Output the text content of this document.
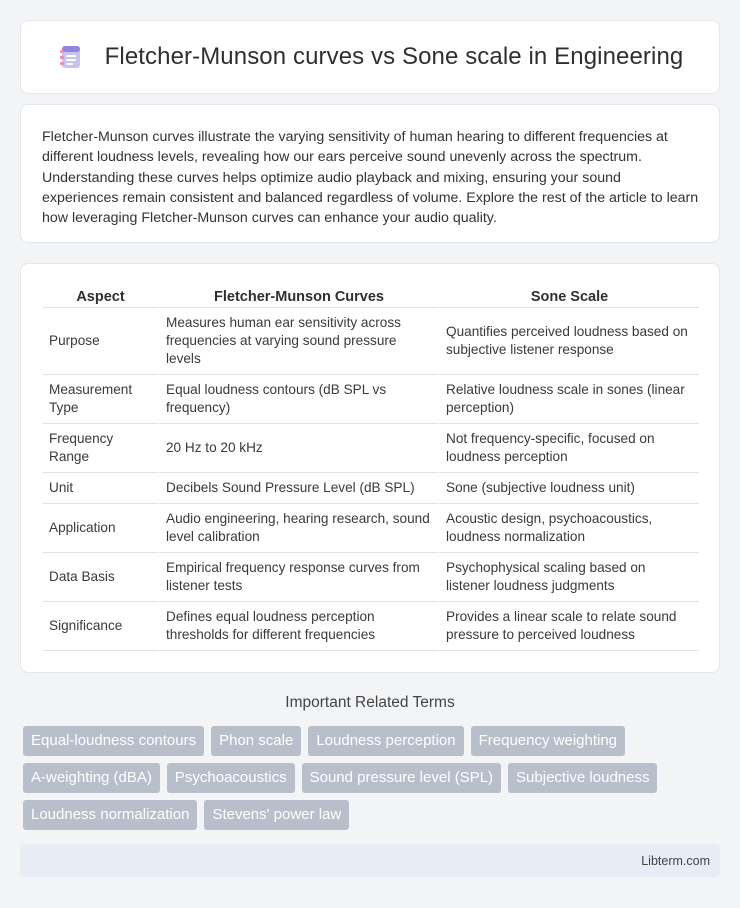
Fletcher-Munson curves vs Sone scale in Engineering

Fletcher-Munson curves illustrate the varying sensitivity of human hearing to different frequencies at different loudness levels, revealing how our ears perceive sound unevenly across the spectrum. Understanding these curves helps optimize audio playback and mixing, ensuring your sound experiences remain consistent and balanced regardless of volume. Explore the rest of the article to learn how leveraging Fletcher-Munson curves can enhance your audio quality.

Aspect	Fletcher-Munson Curves	Sone Scale
Purpose	Measures human ear sensitivity across frequencies at varying sound pressure levels	Quantifies perceived loudness based on subjective listener response
Measurement Type	Equal loudness contours (dB SPL vs frequency)	Relative loudness scale in sones (linear perception)
Frequency Range	20 Hz to 20 kHz	Not frequency-specific, focused on loudness perception
Unit	Decibels Sound Pressure Level (dB SPL)	Sone (subjective loudness unit)
Application	Audio engineering, hearing research, sound level calibration	Acoustic design, psychoacoustics, loudness normalization
Data Basis	Empirical frequency response curves from listener tests	Psychophysical scaling based on listener loudness judgments
Significance	Defines equal loudness perception thresholds for different frequencies	Provides a linear scale to relate sound pressure to perceived loudness
Important Related Terms
Equal-loudness contours	Phon scale	Loudness perception	Frequency weighting
A-weighting (dBA)	Psychoacoustics	Sound pressure level (SPL)	Subjective loudness
Loudness normalization	Stevens' power law
Libterm.com
